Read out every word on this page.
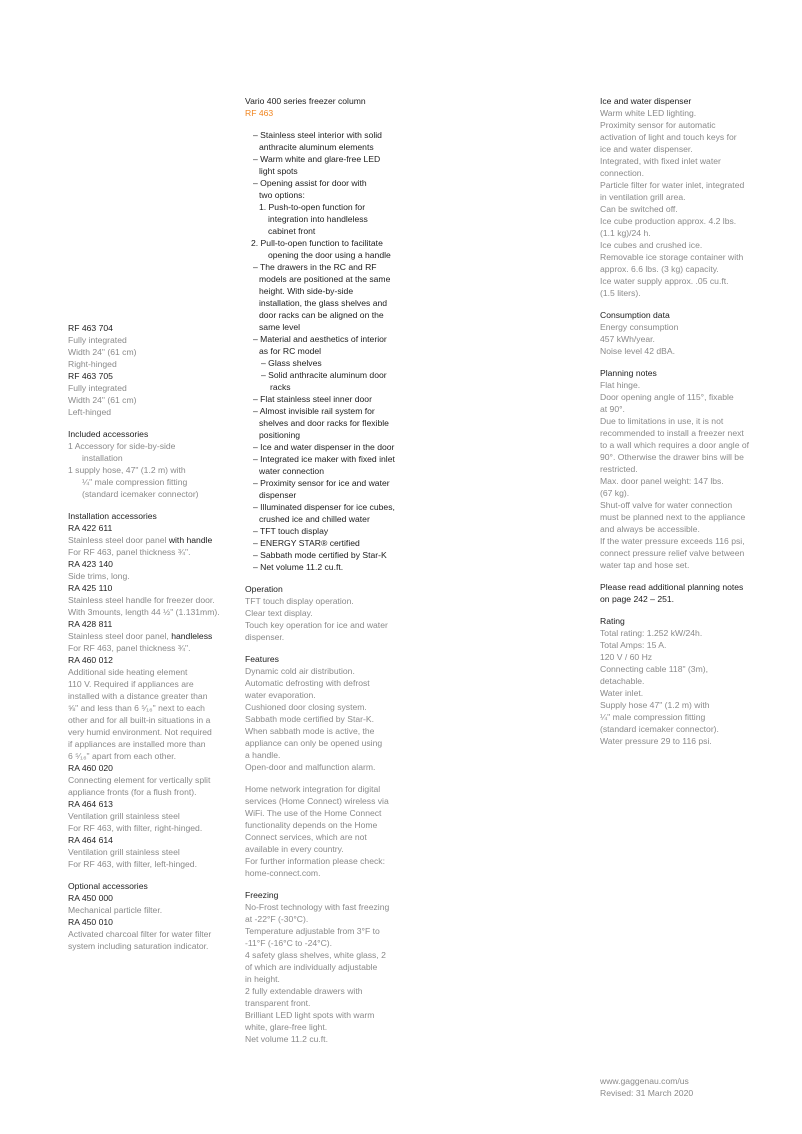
RF 463 704
Fully integrated
Width 24" (61 cm)
Right-hinged
RF 463 705
Fully integrated
Width 24" (61 cm)
Left-hinged
Included accessories
1 Accessory for side-by-side
installation
1 supply hose, 47" (1.2 m) with
¼" male compression fitting
(standard icemaker connector)
Installation accessories
RA 422 611
Stainless steel door panel with handle
For RF 463, panel thickness ¾".
RA 423 140
Side trims, long.
RA 425 110
Stainless steel handle for freezer door.
With 3mounts, length 44 ½" (1.131mm).
RA 428 811
Stainless steel door panel, handleless
For RF 463, panel thickness ¾".
RA 460 012
Additional side heating element
110 V. Required if appliances are
installed with a distance greater than
⅝" and less than 6 ⁵⁄₁₆" next to each
other and for all built-in situations in a
very humid environment. Not required
if appliances are installed more than
6 ⁵⁄₁₆" apart from each other.
RA 460 020
Connecting element for vertically split
appliance fronts (for a flush front).
RA 464 613
Ventilation grill stainless steel
For RF 463, with filter, right-hinged.
RA 464 614
Ventilation grill stainless steel
For RF 463, with filter, left-hinged.
Optional accessories
RA 450 000
Mechanical particle filter.
RA 450 010
Activated charcoal filter for water filter
system including saturation indicator.
Vario 400 series freezer column
RF 463
– Stainless steel interior with solid
anthracite aluminum elements
– Warm white and glare-free LED
light spots
– Opening assist for door with
two options:
1. Push-to-open function for
integration into handleless
cabinet front
2. Pull-to-open function to facilitate
opening the door using a handle
– The drawers in the RC and RF
models are positioned at the same
height. With side-by-side
installation, the glass shelves and
door racks can be aligned on the
same level
– Material and aesthetics of interior
as for RC model
– Glass shelves
– Solid anthracite aluminum door
racks
– Flat stainless steel inner door
– Almost invisible rail system for
shelves and door racks for flexible
positioning
– Ice and water dispenser in the door
– Integrated ice maker with fixed inlet
water connection
– Proximity sensor for ice and water
dispenser
– Illuminated dispenser for ice cubes,
crushed ice and chilled water
– TFT touch display
– ENERGY STAR® certified
– Sabbath mode certified by Star-K
– Net volume 11.2 cu.ft.
Operation
TFT touch display operation.
Clear text display.
Touch key operation for ice and water
dispenser.
Features
Dynamic cold air distribution.
Automatic defrosting with defrost
water evaporation.
Cushioned door closing system.
Sabbath mode certified by Star-K.
When sabbath mode is active, the
appliance can only be opened using
a handle.
Open-door and malfunction alarm.
Home network integration for digital
services (Home Connect) wireless via
WiFi. The use of the Home Connect
functionality depends on the Home
Connect services, which are not
available in every country.
For further information please check:
home-connect.com.
Freezing
No-Frost technology with fast freezing
at -22°F (-30°C).
Temperature adjustable from 3°F to
-11°F (-16°C to -24°C).
4 safety glass shelves, white glass, 2
of which are individually adjustable
in height.
2 fully extendable drawers with
transparent front.
Brilliant LED light spots with warm
white, glare-free light.
Net volume 11.2 cu.ft.
Ice and water dispenser
Warm white LED lighting.
Proximity sensor for automatic
activation of light and touch keys for
ice and water dispenser.
Integrated, with fixed inlet water
connection.
Particle filter for water inlet, integrated
in ventilation grill area.
Can be switched off.
Ice cube production approx. 4.2 lbs.
(1.1 kg)/24 h.
Ice cubes and crushed ice.
Removable ice storage container with
approx. 6.6 lbs. (3 kg) capacity.
Ice water supply approx. .05 cu.ft.
(1.5 liters).
Consumption data
Energy consumption
457 kWh/year.
Noise level 42 dBA.
Planning notes
Flat hinge.
Door opening angle of 115°, fixable
at 90°.
Due to limitations in use, it is not
recommended to install a freezer next
to a wall which requires a door angle of
90°. Otherwise the drawer bins will be
restricted.
Max. door panel weight: 147 lbs.
(67 kg).
Shut-off valve for water connection
must be planned next to the appliance
and always be accessible.
If the water pressure exceeds 116 psi,
connect pressure relief valve between
water tap and hose set.
Please read additional planning notes
on page 242 – 251.
Rating
Total rating: 1.252 kW/24h.
Total Amps: 15 A.
120 V / 60 Hz
Connecting cable 118" (3m),
detachable.
Water inlet.
Supply hose 47" (1.2 m) with
¼" male compression fitting
(standard icemaker connector).
Water pressure 29 to 116 psi.
www.gaggenau.com/us
Revised: 31 March 2020
